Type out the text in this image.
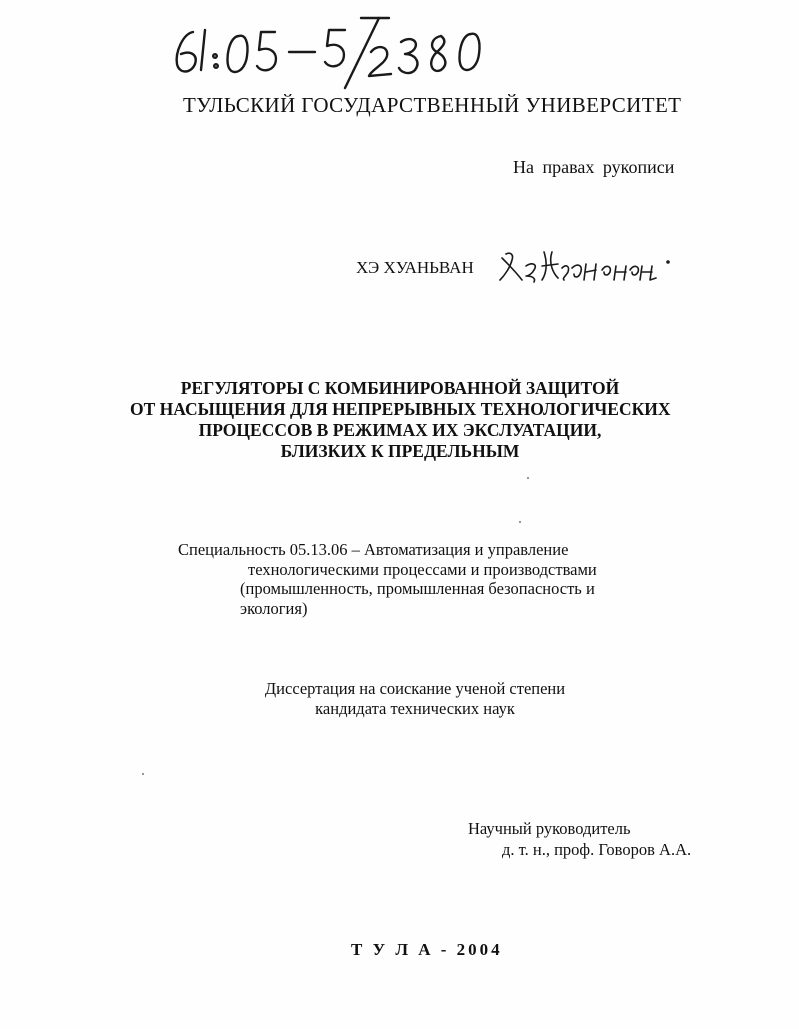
ТУЛЬСКИЙ ГОСУДАРСТВЕННЫЙ УНИВЕРСИТЕТ
На правах рукописи
ХЭ ХУАНЬВАН
РЕГУЛЯТОРЫ С КОМБИНИРОВАННОЙ ЗАЩИТОЙ
ОТ НАСЫЩЕНИЯ ДЛЯ НЕПРЕРЫВНЫХ ТЕХНОЛОГИЧЕСКИХ
ПРОЦЕССОВ В РЕЖИМАХ ИХ ЭКСЛУАТАЦИИ,
БЛИЗКИХ К ПРЕДЕЛЬНЫМ
Специальность 05.13.06 – Автоматизация и управление
технологическими процессами и производствами
(промышленность, промышленная безопасность и
экология)
Диссертация на соискание ученой степени
кандидата технических наук
Научный руководитель
д. т. н., проф. Говоров А.А.
Т У Л А - 2004
